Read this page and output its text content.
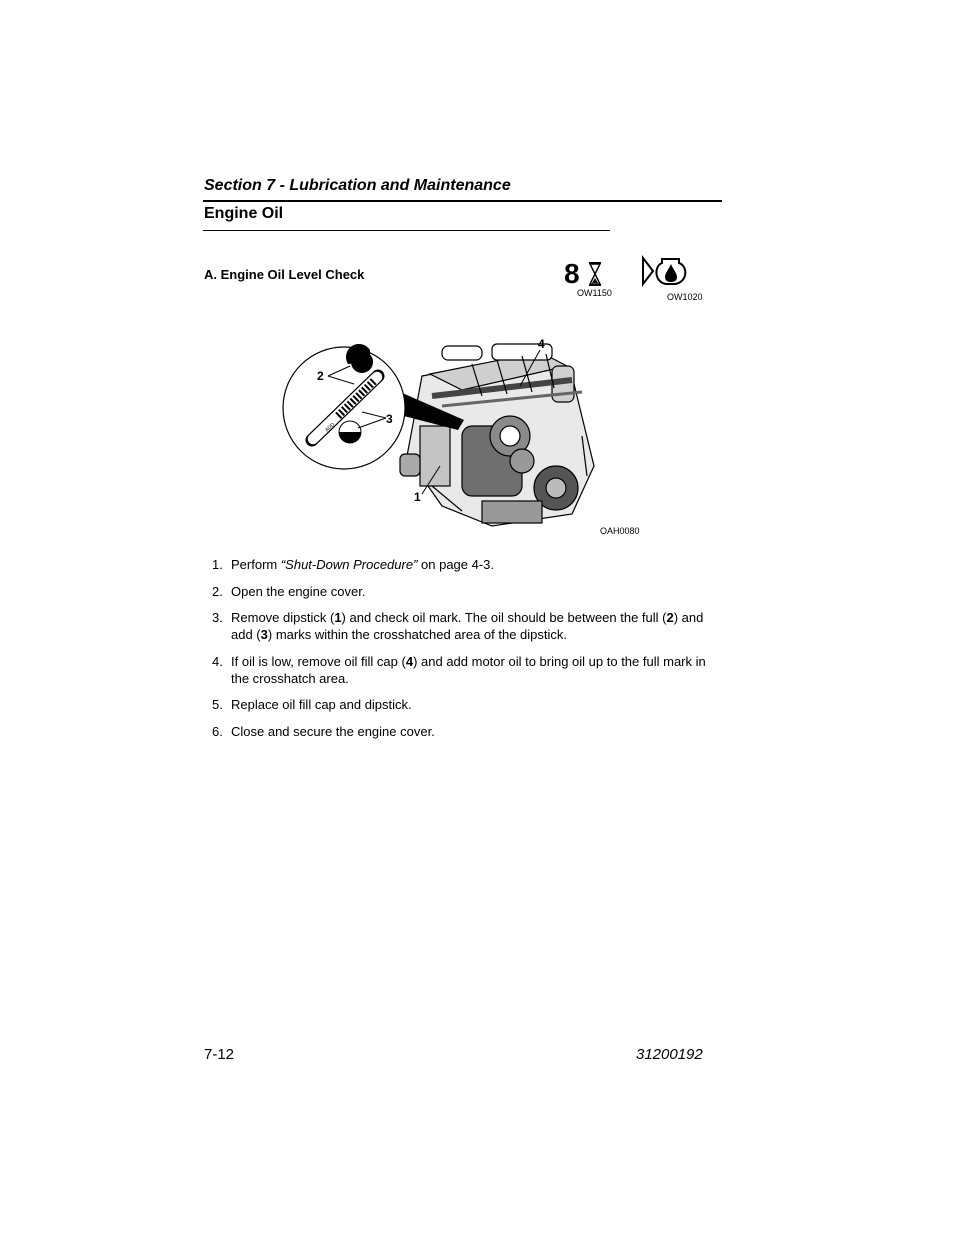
Section 7 - Lubrication and Maintenance
Engine Oil
A. Engine Oil Level Check	8
OW1150	OW1020
ADD
2
3
4
1
OAH0080
1. Perform “Shut-Down Procedure” on page 4-3.
2. Open the engine cover.
3. Remove dipstick (1) and check oil mark. The oil should be between the full (2) and add (3) marks within the crosshatched area of the dipstick.
4. If oil is low, remove oil fill cap (4) and add motor oil to bring oil up to the full mark in the crosshatch area.
5. Replace oil fill cap and dipstick.
6. Close and secure the engine cover.
7-12	31200192
